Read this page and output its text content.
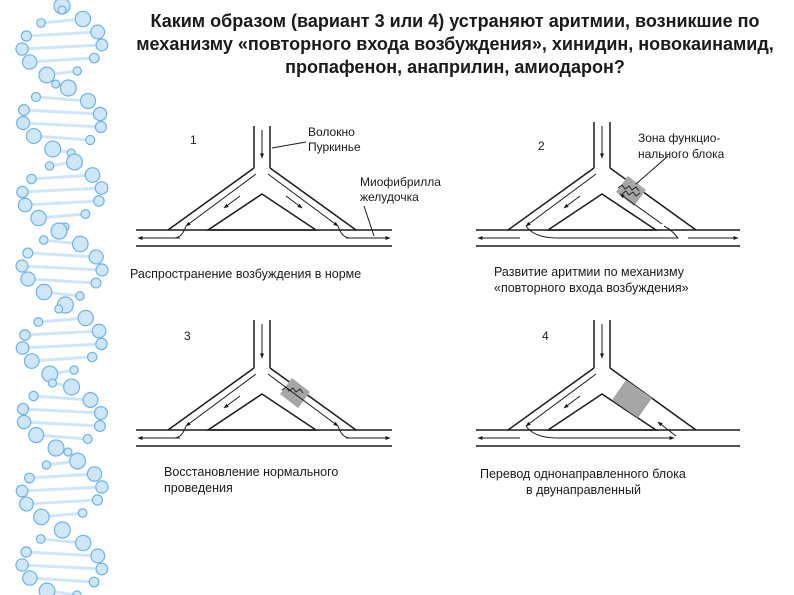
Каким образом (вариант 3 или 4) устраняют аритмии, возникшие по механизму «повторного входа возбуждения», хинидин, новокаинамид, пропафенон, анаприлин, амиодарон?
1
Волокно
Пуркинье
Миофибрилла
желудочка
Распространение возбуждения в норме
2
Зона функцио-
нального блока
Развитие аритмии по механизму
«повторного входа возбуждения»
3
Восстановление нормального
проведения
4
Перевод однонаправленного блока
в двунаправленный
